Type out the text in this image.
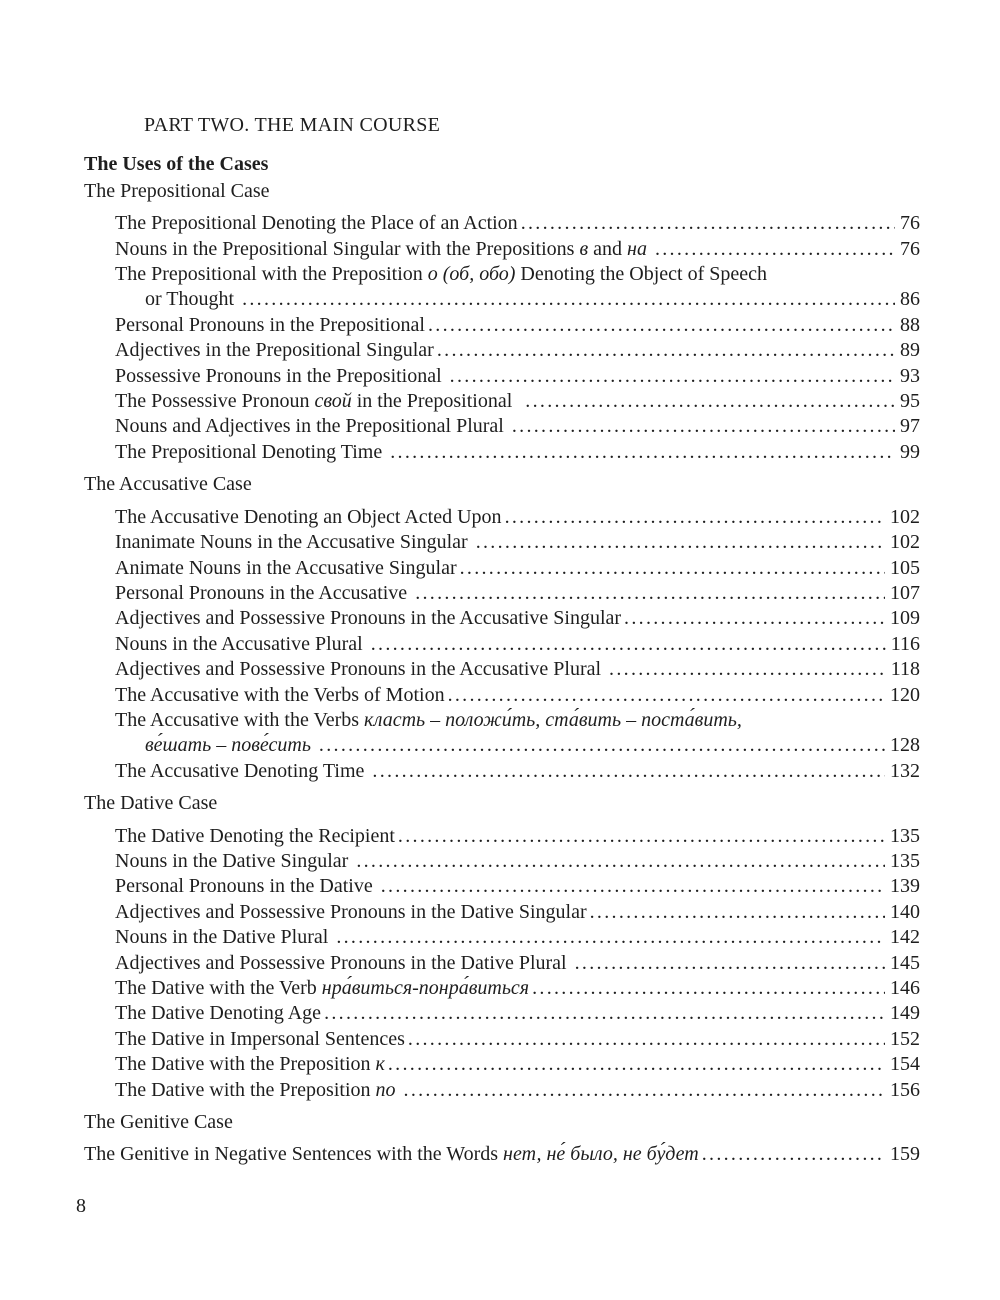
PART TWO. THE MAIN COURSE
The Uses of the Cases
The Prepositional Case
The Prepositional Denoting the Place of an Action .....	76
Nouns in the Prepositional Singular with the Prepositions в and на .....	76
The Prepositional with the Preposition о (об, обо) Denoting the Object of Speech
or Thought .....	86
Personal Pronouns in the Prepositional .....	88
Adjectives in the Prepositional Singular .....	89
Possessive Pronouns in the Prepositional .....	93
The Possessive Pronoun свой in the Prepositional .....	95
Nouns and Adjectives in the Prepositional Plural .....	97
The Prepositional Denoting Time .....	99
The Accusative Case
The Accusative Denoting an Object Acted Upon .....	102
Inanimate Nouns in the Accusative Singular .....	102
Animate Nouns in the Accusative Singular .....	105
Personal Pronouns in the Accusative .....	107
Adjectives and Possessive Pronouns in the Accusative Singular .....	109
Nouns in the Accusative Plural .....	116
Adjectives and Possessive Pronouns in the Accusative Plural .....	118
The Accusative with the Verbs of Motion .....	120
The Accusative with the Verbs класть – положи́ть, ста́вить – поста́вить,
ве́шать – пове́сить .....	128
The Accusative Denoting Time .....	132
The Dative Case
The Dative Denoting the Recipient .....	135
Nouns in the Dative Singular .....	135
Personal Pronouns in the Dative .....	139
Adjectives and Possessive Pronouns in the Dative Singular .....	140
Nouns in the Dative Plural .....	142
Adjectives and Possessive Pronouns in the Dative Plural .....	145
The Dative with the Verb нра́виться-понра́виться .....	146
The Dative Denoting Age .....	149
The Dative in Impersonal Sentences .....	152
The Dative with the Preposition к .....	154
The Dative with the Preposition по .....	156
The Genitive Case
The Genitive in Negative Sentences with the Words нет, не́ было, не бу́дет .....	159
8
